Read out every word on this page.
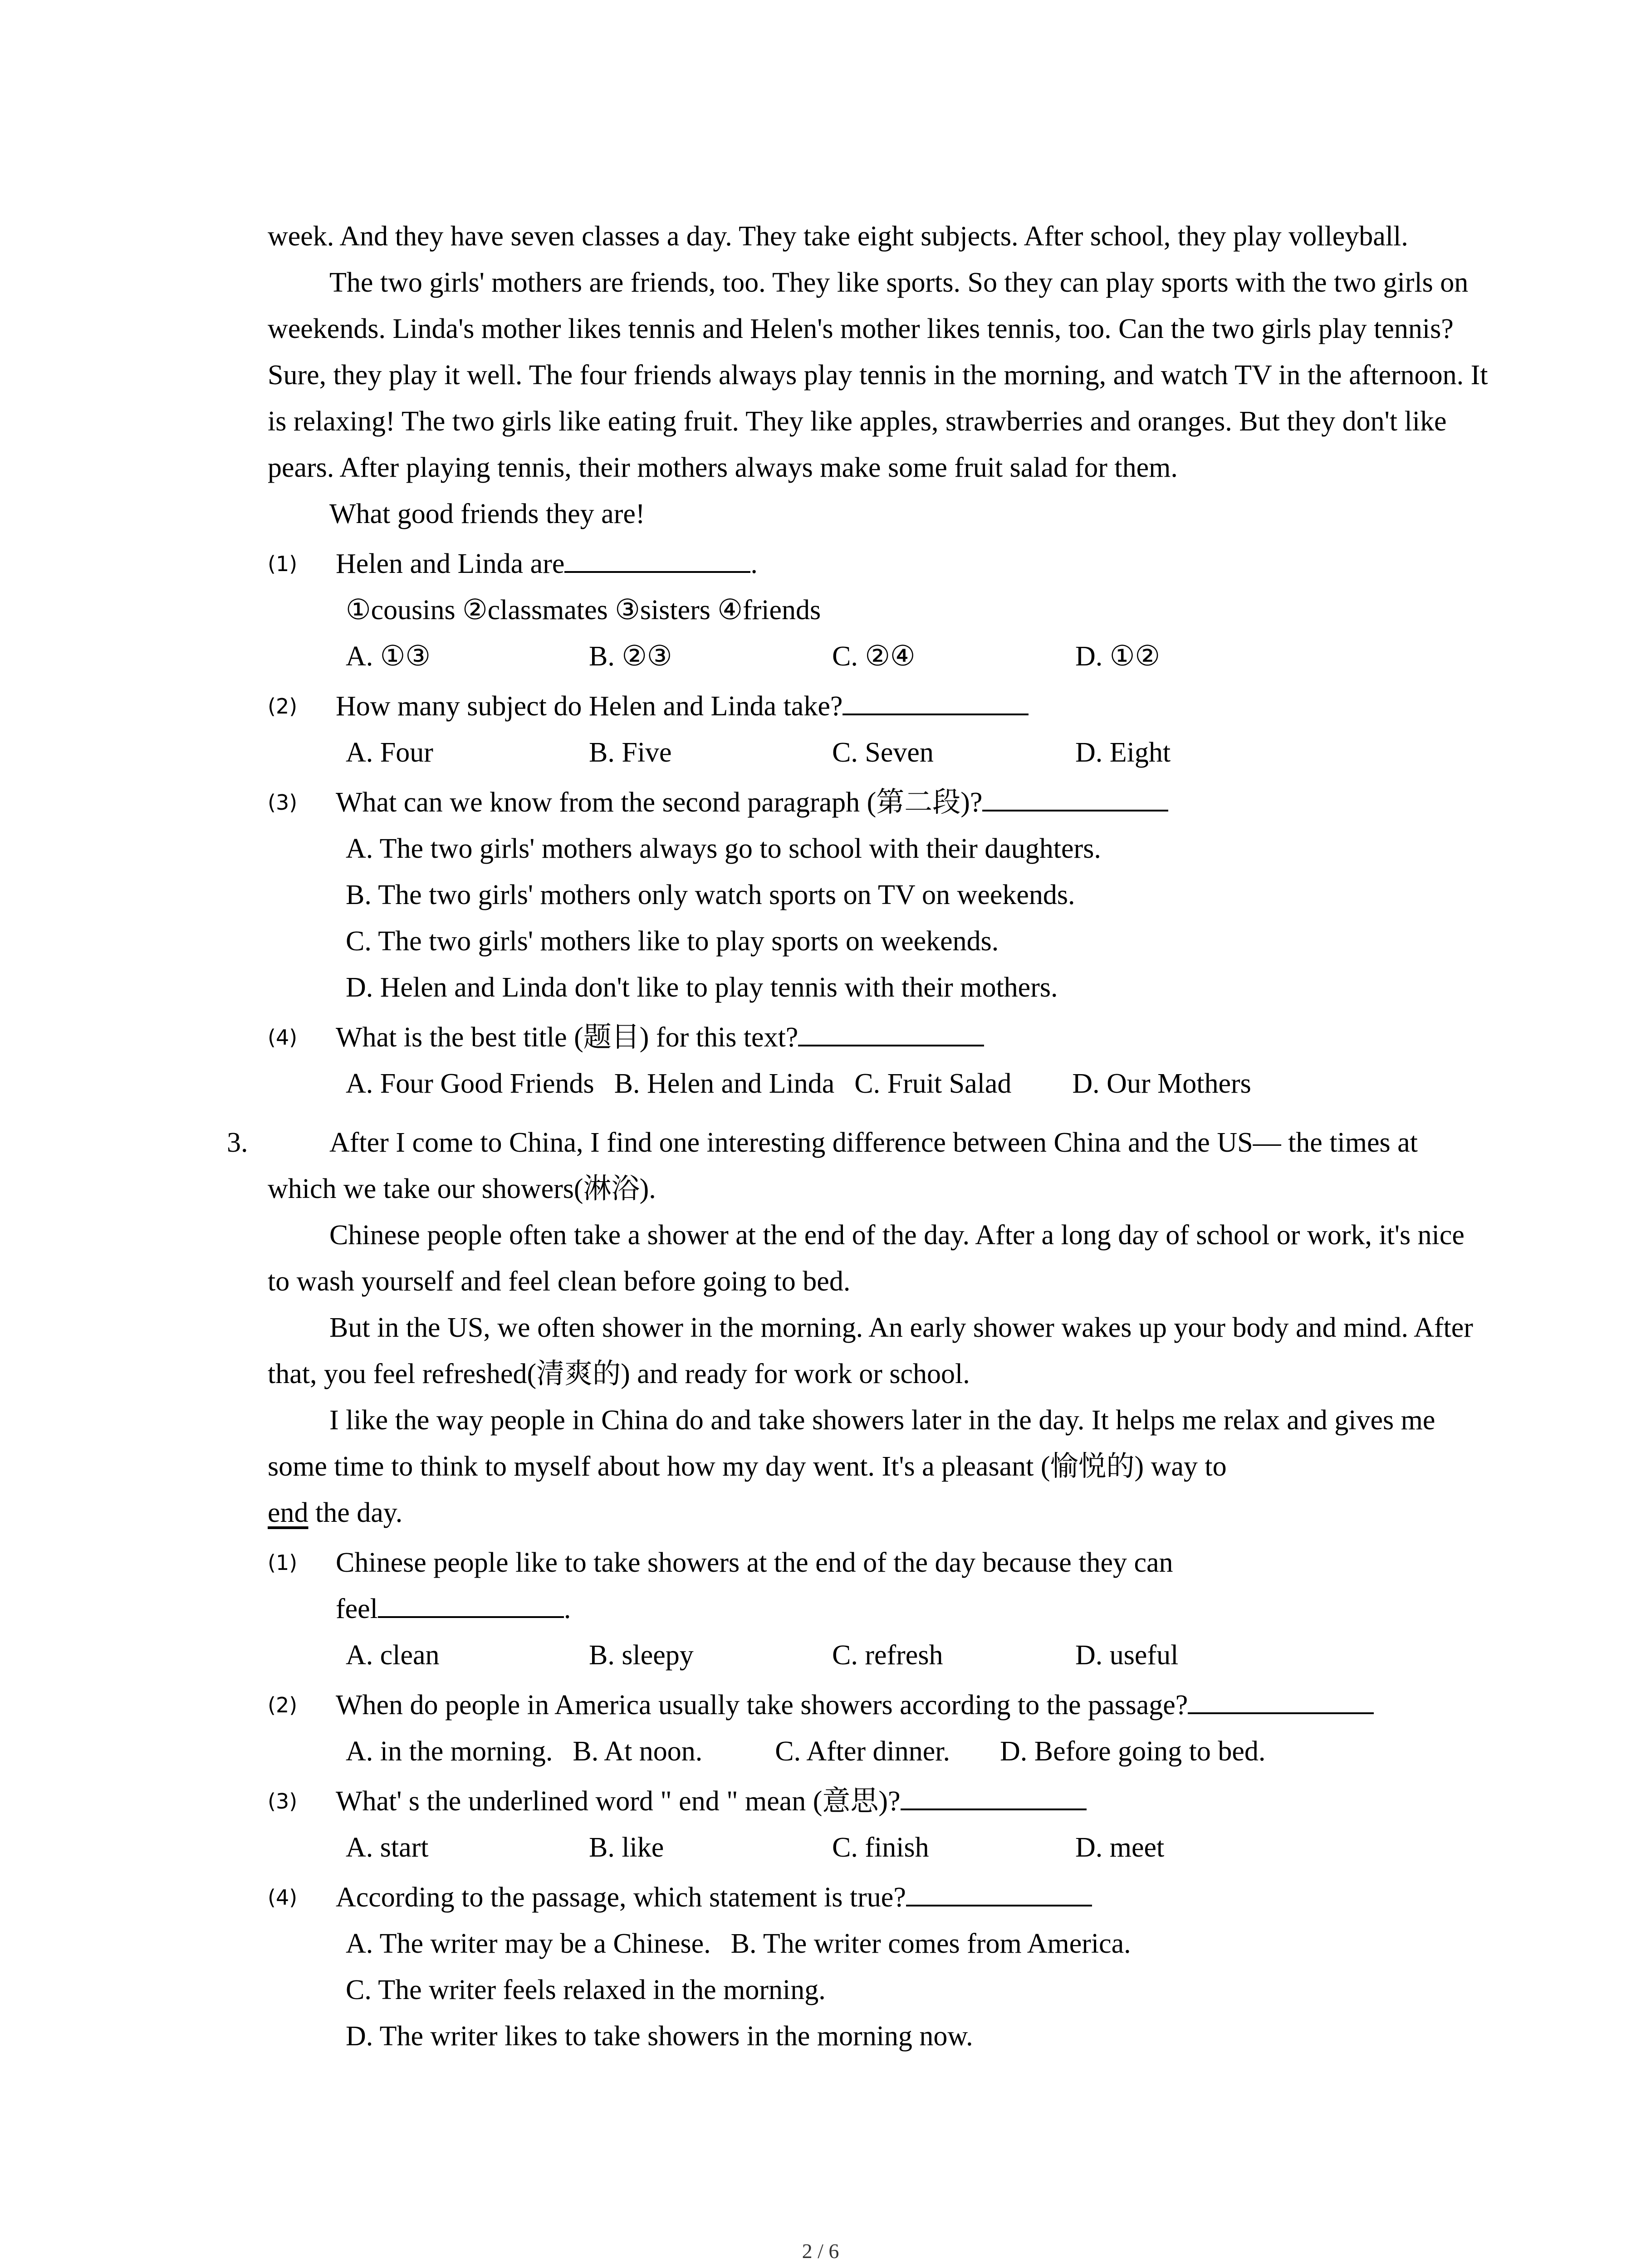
week. And they have seven classes a day. They take eight subjects. After school, they play volleyball.

The two girls' mothers are friends, too. They like sports. So they can play sports with the two girls on weekends. Linda's mother likes tennis and Helen's mother likes tennis, too. Can the two girls play tennis? Sure, they play it well. The four friends always play tennis in the morning, and watch TV in the afternoon. It is relaxing! The two girls like eating fruit. They like apples, strawberries and oranges. But they don't like pears. After playing tennis, their mothers always make some fruit salad for them.

What good friends they are!

(1) Helen and Linda are	.
①cousins ②classmates ③sisters ④friends
A. ①③	B. ②③	C. ②④	D. ①②
(2) How many subject do Helen and Linda take?
A. Four	B. Five	C. Seven	D. Eight
(3) What can we know from the second paragraph (第二段)?
A. The two girls' mothers always go to school with their daughters.
B. The two girls' mothers only watch sports on TV on weekends.
C. The two girls' mothers like to play sports on weekends.
D. Helen and Linda don't like to play tennis with their mothers.
(4) What is the best title (题目) for this text?
A. Four Good Friends B. Helen and Linda C. Fruit Salad D. Our Mothers
3.	After I come to China, I find one interesting difference between China and the US— the times at which we take our showers(淋浴).

Chinese people often take a shower at the end of the day. After a long day of school or work, it's nice to wash yourself and feel clean before going to bed.

But in the US, we often shower in the morning. An early shower wakes up your body and mind. After that, you feel refreshed(清爽的) and ready for work or school.

I like the way people in China do and take showers later in the day. It helps me relax and gives me some time to think to myself about how my day went. It's a pleasant (愉悦的) way to
end the day.

(1) Chinese people like to take showers at the end of the day because they can
feel	.
A. clean	B. sleepy	C. refresh	D. useful
(2) When do people in America usually take showers according to the passage?
A. in the morning. B. At noon.	C. After dinner. D. Before going to bed.
(3) What' s the underlined word " end " mean (意思)?
A. start	B. like	C. finish	D. meet
(4) According to the passage, which statement is true?
A. The writer may be a Chinese. B. The writer comes from America.
C. The writer feels relaxed in the morning.
D. The writer likes to take showers in the morning now.
2 / 6
